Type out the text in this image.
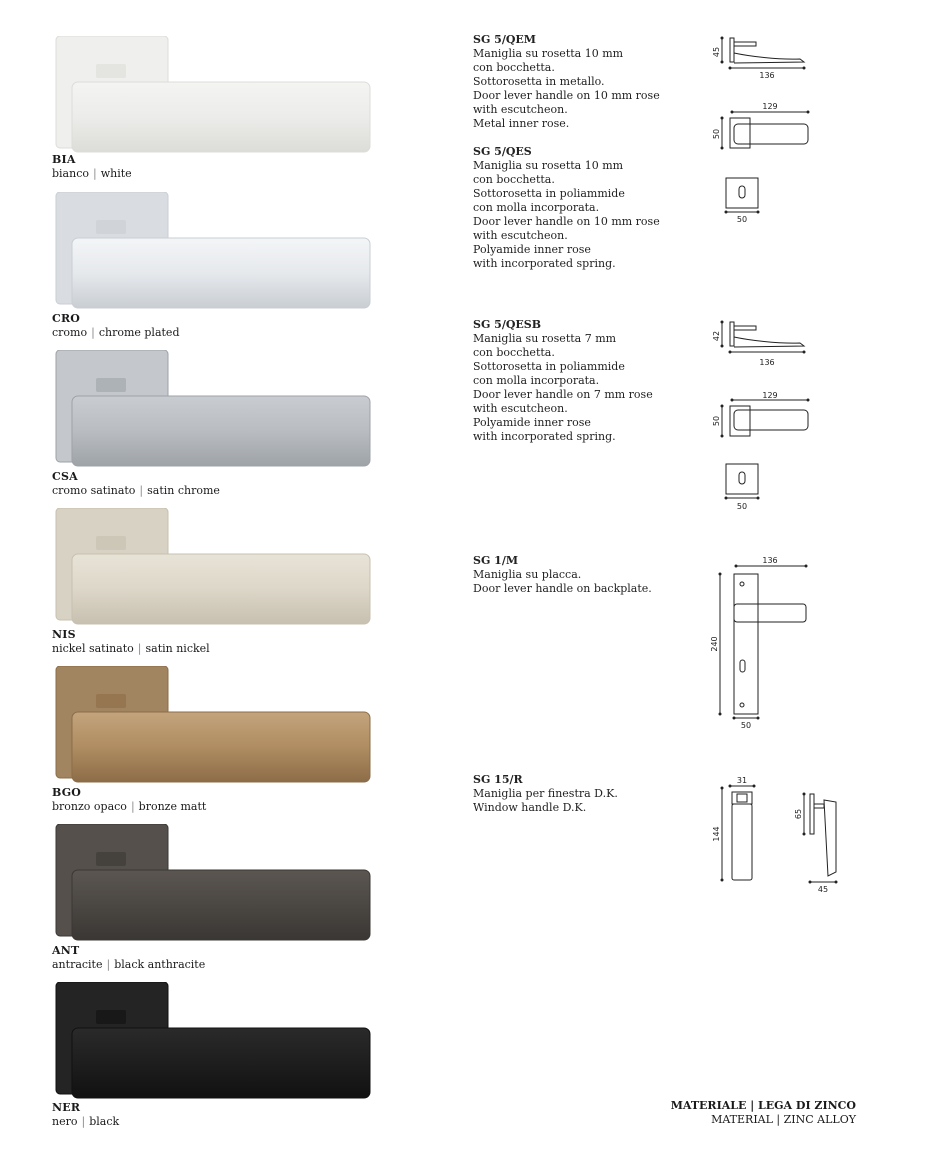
BIA
bianco | white
CRO
cromo | chrome plated
CSA
cromo satinato | satin chrome
NIS
nickel satinato | satin nickel
BGO
bronzo opaco | bronze matt
ANT
antracite | black anthracite
NER
nero | black
SG 5/QEM
Maniglia su rosetta 10 mm
con bocchetta.
Sottorosetta in metallo.
Door lever handle on 10 mm rose
with escutcheon.
Metal inner rose.
SG 5/QES
Maniglia su rosetta 10 mm
con bocchetta.
Sottorosetta in poliammide
con molla incorporata.
Door lever handle on 10 mm rose
with escutcheon.
Polyamide inner rose
with incorporated spring.
SG 5/QESB
Maniglia su rosetta 7 mm
con bocchetta.
Sottorosetta in poliammide
con molla incorporata.
Door lever handle on 7 mm rose
with escutcheon.
Polyamide inner rose
with incorporated spring.
SG 1/M
Maniglia su placca.
Door lever handle on backplate.
SG 15/R
Maniglia per finestra D.K.
Window handle D.K.
45
136
129
50
50
42
136
129
50
50
136
240
50
31
144
65
45
MATERIALE | LEGA DI ZINCO
MATERIAL | ZINC ALLOY
